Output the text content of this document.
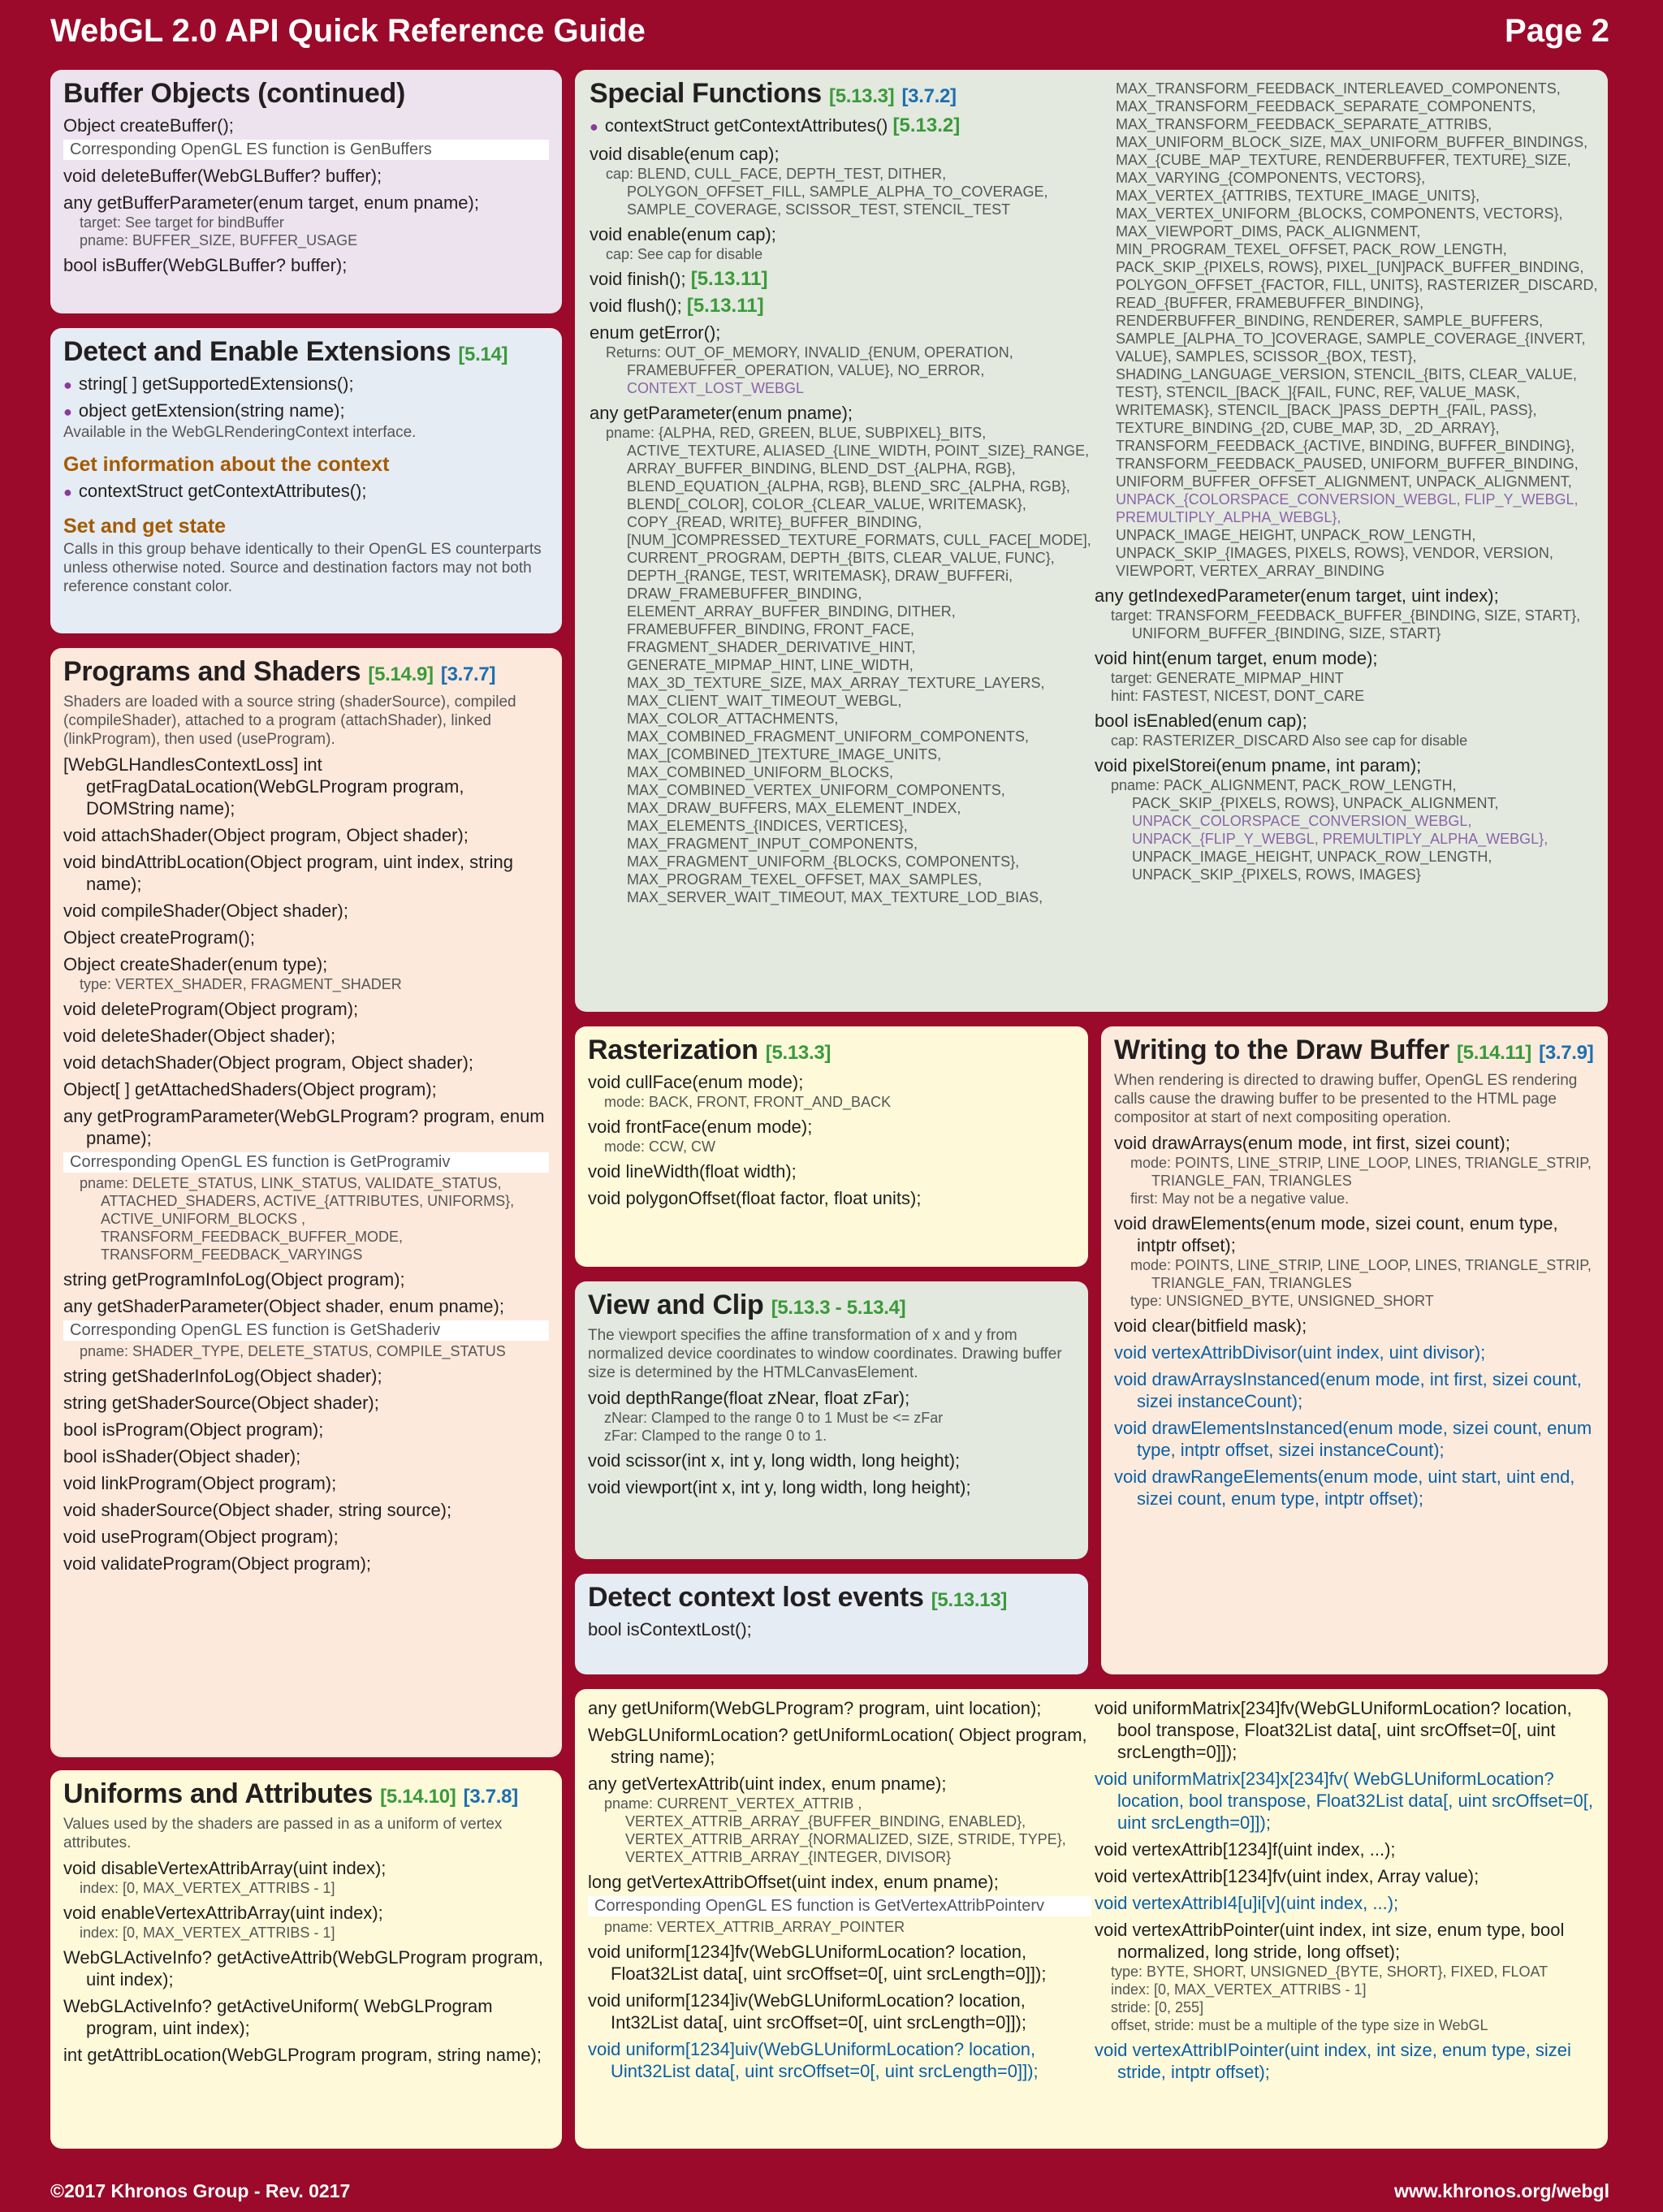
WebGL 2.0 API Quick Reference Guide	Page 2
Buffer Objects (continued)

Object createBuffer();

Corresponding OpenGL ES function is GenBuffers

void deleteBuffer(WebGLBuffer? buffer);

any getBufferParameter(enum target, enum pname);

target: See target for bindBuffer

pname: BUFFER_SIZE, BUFFER_USAGE

bool isBuffer(WebGLBuffer? buffer);

Detect and Enable Extensions [5.14]

● string[ ] getSupportedExtensions();

● object getExtension(string name);

Available in the WebGLRenderingContext interface.

Get information about the context

● contextStruct getContextAttributes();

Set and get state

Calls in this group behave identically to their OpenGL ES counterparts unless otherwise noted. Source and destination factors may not both reference constant color.

Programs and Shaders [5.14.9] [3.7.7]

Shaders are loaded with a source string (shaderSource), compiled (compileShader), attached to a program (attachShader), linked (linkProgram), then used (useProgram).

[WebGLHandlesContextLoss] int getFragDataLocation(WebGLProgram program, DOMString name);

void attachShader(Object program, Object shader);

void bindAttribLocation(Object program, uint index, string name);

void compileShader(Object shader);

Object createProgram();

Object createShader(enum type);

type: VERTEX_SHADER, FRAGMENT_SHADER

void deleteProgram(Object program);

void deleteShader(Object shader);

void detachShader(Object program, Object shader);

Object[ ] getAttachedShaders(Object program);

any getProgramParameter(WebGLProgram? program, enum pname);

Corresponding OpenGL ES function is GetProgramiv

pname: DELETE_STATUS, LINK_STATUS, VALIDATE_STATUS, ATTACHED_SHADERS, ACTIVE_{ATTRIBUTES, UNIFORMS}, ACTIVE_UNIFORM_BLOCKS , TRANSFORM_FEEDBACK_BUFFER_MODE, TRANSFORM_FEEDBACK_VARYINGS

string getProgramInfoLog(Object program);

any getShaderParameter(Object shader, enum pname);

Corresponding OpenGL ES function is GetShaderiv

pname: SHADER_TYPE, DELETE_STATUS, COMPILE_STATUS

string getShaderInfoLog(Object shader);

string getShaderSource(Object shader);

bool isProgram(Object program);

bool isShader(Object shader);

void linkProgram(Object program);

void shaderSource(Object shader, string source);

void useProgram(Object program);

void validateProgram(Object program);

Uniforms and Attributes [5.14.10] [3.7.8]

Values used by the shaders are passed in as a uniform of vertex attributes.

void disableVertexAttribArray(uint index);

index: [0, MAX_VERTEX_ATTRIBS - 1]

void enableVertexAttribArray(uint index);

index: [0, MAX_VERTEX_ATTRIBS - 1]

WebGLActiveInfo? getActiveAttrib(WebGLProgram program, uint index);

WebGLActiveInfo? getActiveUniform( WebGLProgram program, uint index);

int getAttribLocation(WebGLProgram program, string name);

Special Functions [5.13.3] [3.7.2]

● contextStruct getContextAttributes() [5.13.2]

void disable(enum cap);

cap: BLEND, CULL_FACE, DEPTH_TEST, DITHER, POLYGON_OFFSET_FILL, SAMPLE_ALPHA_TO_COVERAGE, SAMPLE_COVERAGE, SCISSOR_TEST, STENCIL_TEST

void enable(enum cap);

cap: See cap for disable

void finish(); [5.13.11]

void flush(); [5.13.11]

enum getError();

Returns: OUT_OF_MEMORY, INVALID_{ENUM, OPERATION, FRAMEBUFFER_OPERATION, VALUE}, NO_ERROR,

CONTEXT_LOST_WEBGL

any getParameter(enum pname);

pname: {ALPHA, RED, GREEN, BLUE, SUBPIXEL}_BITS, ACTIVE_TEXTURE, ALIASED_{LINE_WIDTH, POINT_SIZE}_RANGE, ARRAY_BUFFER_BINDING, BLEND_DST_{ALPHA, RGB}, BLEND_EQUATION_{ALPHA, RGB}, BLEND_SRC_{ALPHA, RGB}, BLEND[_COLOR], COLOR_{CLEAR_VALUE, WRITEMASK}, COPY_{READ, WRITE}_BUFFER_BINDING, [NUM_]COMPRESSED_TEXTURE_FORMATS, CULL_FACE[_MODE], CURRENT_PROGRAM, DEPTH_{BITS, CLEAR_VALUE, FUNC}, DEPTH_{RANGE, TEST, WRITEMASK}, DRAW_BUFFERi, DRAW_FRAMEBUFFER_BINDING, ELEMENT_ARRAY_BUFFER_BINDING, DITHER, FRAMEBUFFER_BINDING, FRONT_FACE, FRAGMENT_SHADER_DERIVATIVE_HINT, GENERATE_MIPMAP_HINT, LINE_WIDTH, MAX_3D_TEXTURE_SIZE, MAX_ARRAY_TEXTURE_LAYERS, MAX_CLIENT_WAIT_TIMEOUT_WEBGL, MAX_COLOR_ATTACHMENTS, MAX_COMBINED_FRAGMENT_UNIFORM_COMPONENTS, MAX_[COMBINED_]TEXTURE_IMAGE_UNITS, MAX_COMBINED_UNIFORM_BLOCKS, MAX_COMBINED_VERTEX_UNIFORM_COMPONENTS, MAX_DRAW_BUFFERS, MAX_ELEMENT_INDEX, MAX_ELEMENTS_{INDICES, VERTICES}, MAX_FRAGMENT_INPUT_COMPONENTS, MAX_FRAGMENT_UNIFORM_{BLOCKS, COMPONENTS}, MAX_PROGRAM_TEXEL_OFFSET, MAX_SAMPLES, MAX_SERVER_WAIT_TIMEOUT, MAX_TEXTURE_LOD_BIAS,

MAX_TRANSFORM_FEEDBACK_INTERLEAVED_COMPONENTS, MAX_TRANSFORM_FEEDBACK_SEPARATE_COMPONENTS, MAX_TRANSFORM_FEEDBACK_SEPARATE_ATTRIBS, MAX_UNIFORM_BLOCK_SIZE, MAX_UNIFORM_BUFFER_BINDINGS, MAX_{CUBE_MAP_TEXTURE, RENDERBUFFER, TEXTURE}_SIZE, MAX_VARYING_{COMPONENTS, VECTORS}, MAX_VERTEX_{ATTRIBS, TEXTURE_IMAGE_UNITS}, MAX_VERTEX_UNIFORM_{BLOCKS, COMPONENTS, VECTORS}, MAX_VIEWPORT_DIMS, PACK_ALIGNMENT, MIN_PROGRAM_TEXEL_OFFSET, PACK_ROW_LENGTH, PACK_SKIP_{PIXELS, ROWS}, PIXEL_[UN]PACK_BUFFER_BINDING, POLYGON_OFFSET_{FACTOR, FILL, UNITS}, RASTERIZER_DISCARD, READ_{BUFFER, FRAMEBUFFER_BINDING}, RENDERBUFFER_BINDING, RENDERER, SAMPLE_BUFFERS, SAMPLE_[ALPHA_TO_]COVERAGE, SAMPLE_COVERAGE_{INVERT, VALUE}, SAMPLES, SCISSOR_{BOX, TEST}, SHADING_LANGUAGE_VERSION, STENCIL_{BITS, CLEAR_VALUE, TEST}, STENCIL_[BACK_]{FAIL, FUNC, REF, VALUE_MASK, WRITEMASK}, STENCIL_[BACK_]PASS_DEPTH_{FAIL, PASS}, TEXTURE_BINDING_{2D, CUBE_MAP, 3D, _2D_ARRAY}, TRANSFORM_FEEDBACK_{ACTIVE, BINDING, BUFFER_BINDING}, TRANSFORM_FEEDBACK_PAUSED, UNIFORM_BUFFER_BINDING, UNIFORM_BUFFER_OFFSET_ALIGNMENT, UNPACK_ALIGNMENT,

UNPACK_{COLORSPACE_CONVERSION_WEBGL, FLIP_Y_WEBGL, PREMULTIPLY_ALPHA_WEBGL},

UNPACK_IMAGE_HEIGHT, UNPACK_ROW_LENGTH, UNPACK_SKIP_{IMAGES, PIXELS, ROWS}, VENDOR, VERSION, VIEWPORT, VERTEX_ARRAY_BINDING

any getIndexedParameter(enum target, uint index);

target: TRANSFORM_FEEDBACK_BUFFER_{BINDING, SIZE, START}, UNIFORM_BUFFER_{BINDING, SIZE, START}

void hint(enum target, enum mode);

target: GENERATE_MIPMAP_HINT

hint: FASTEST, NICEST, DONT_CARE

bool isEnabled(enum cap);

cap: RASTERIZER_DISCARD Also see cap for disable

void pixelStorei(enum pname, int param);

pname: PACK_ALIGNMENT, PACK_ROW_LENGTH, PACK_SKIP_{PIXELS, ROWS}, UNPACK_ALIGNMENT,

UNPACK_COLORSPACE_CONVERSION_WEBGL, UNPACK_{FLIP_Y_WEBGL, PREMULTIPLY_ALPHA_WEBGL},

UNPACK_IMAGE_HEIGHT, UNPACK_ROW_LENGTH, UNPACK_SKIP_{PIXELS, ROWS, IMAGES}

Rasterization [5.13.3]

void cullFace(enum mode);

mode: BACK, FRONT, FRONT_AND_BACK

void frontFace(enum mode);

mode: CCW, CW

void lineWidth(float width);

void polygonOffset(float factor, float units);

View and Clip [5.13.3 - 5.13.4]

The viewport specifies the affine transformation of x and y from normalized device coordinates to window coordinates. Drawing buffer size is determined by the HTMLCanvasElement.

void depthRange(float zNear, float zFar);

zNear: Clamped to the range 0 to 1 Must be <= zFar

zFar: Clamped to the range 0 to 1.

void scissor(int x, int y, long width, long height);

void viewport(int x, int y, long width, long height);

Detect context lost events [5.13.13]

bool isContextLost();

Writing to the Draw Buffer [5.14.11] [3.7.9]

When rendering is directed to drawing buffer, OpenGL ES rendering calls cause the drawing buffer to be presented to the HTML page compositor at start of next compositing operation.

void drawArrays(enum mode, int first, sizei count);

mode: POINTS, LINE_STRIP, LINE_LOOP, LINES, TRIANGLE_STRIP, TRIANGLE_FAN, TRIANGLES

first: May not be a negative value.

void drawElements(enum mode, sizei count, enum type, intptr offset);

mode: POINTS, LINE_STRIP, LINE_LOOP, LINES, TRIANGLE_STRIP, TRIANGLE_FAN, TRIANGLES

type: UNSIGNED_BYTE, UNSIGNED_SHORT

void clear(bitfield mask);

void vertexAttribDivisor(uint index, uint divisor);

void drawArraysInstanced(enum mode, int first, sizei count, sizei instanceCount);

void drawElementsInstanced(enum mode, sizei count, enum type, intptr offset, sizei instanceCount);

void drawRangeElements(enum mode, uint start, uint end, sizei count, enum type, intptr offset);

any getUniform(WebGLProgram? program, uint location);

WebGLUniformLocation? getUniformLocation( Object program, string name);

any getVertexAttrib(uint index, enum pname);

pname: CURRENT_VERTEX_ATTRIB , VERTEX_ATTRIB_ARRAY_{BUFFER_BINDING, ENABLED}, VERTEX_ATTRIB_ARRAY_{NORMALIZED, SIZE, STRIDE, TYPE}, VERTEX_ATTRIB_ARRAY_{INTEGER, DIVISOR}

long getVertexAttribOffset(uint index, enum pname);

Corresponding OpenGL ES function is GetVertexAttribPointerv

pname: VERTEX_ATTRIB_ARRAY_POINTER

void uniform[1234]fv(WebGLUniformLocation? location, Float32List data[, uint srcOffset=0[, uint srcLength=0]]);

void uniform[1234]iv(WebGLUniformLocation? location, Int32List data[, uint srcOffset=0[, uint srcLength=0]]);

void uniform[1234]uiv(WebGLUniformLocation? location, Uint32List data[, uint srcOffset=0[, uint srcLength=0]]);

void uniformMatrix[234]fv(WebGLUniformLocation? location, bool transpose, Float32List data[, uint srcOffset=0[, uint srcLength=0]]);

void uniformMatrix[234]x[234]fv( WebGLUniformLocation? location, bool transpose, Float32List data[, uint srcOffset=0[, uint srcLength=0]]);

void vertexAttrib[1234]f(uint index, ...);

void vertexAttrib[1234]fv(uint index, Array value);

void vertexAttribI4[u]i[v](uint index, ...);

void vertexAttribPointer(uint index, int size, enum type, bool normalized, long stride, long offset);

type: BYTE, SHORT, UNSIGNED_{BYTE, SHORT}, FIXED, FLOAT

index: [0, MAX_VERTEX_ATTRIBS - 1]

stride: [0, 255]

offset, stride: must be a multiple of the type size in WebGL

void vertexAttribIPointer(uint index, int size, enum type, sizei stride, intptr offset);

©2017 Khronos Group - Rev. 0217	www.khronos.org/webgl
